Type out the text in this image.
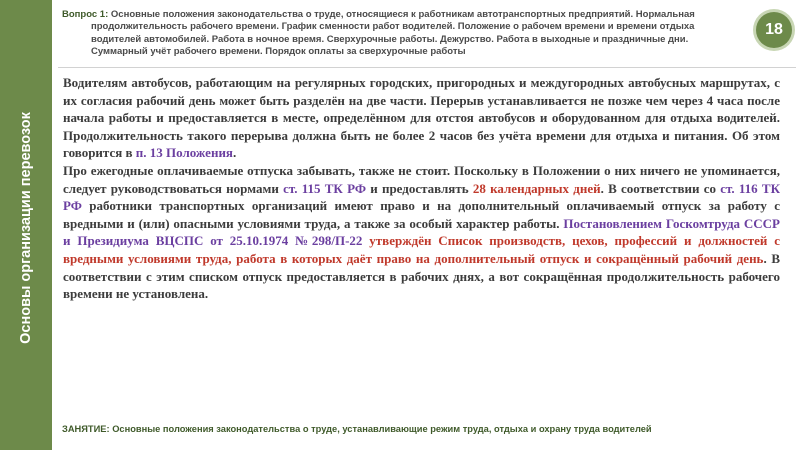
Основы организации перевозок
Вопрос 1: Основные положения законодательства о труде, относящиеся к работникам автотранспортных предприятий. Нормальная
продолжительность рабочего времени. График сменности работ водителей. Положение о рабочем времени и времени отдыха
водителей автомобилей. Работа в ночное время. Сверхурочные работы. Дежурство. Работа в выходные и праздничные дни.
Суммарный учёт рабочего времени. Порядок оплаты за сверхурочные работы
18

Водителям автобусов, работающим на регулярных городских, пригородных и междугородных автобусных маршрутах, с их согласия рабочий день может быть разделён на две части. Перерыв устанавливается не позже чем через 4 часа после начала работы и предоставляется в месте, определённом для отстоя автобусов и оборудованном для отдыха водителей. Продолжительность такого перерыва должна быть не более 2 часов без учёта времени для отдыха и питания. Об этом говорится в п. 13 Положения.

Про ежегодные оплачиваемые отпуска забывать, также не стоит. Поскольку в Положении о них ничего не упоминается, следует руководствоваться нормами ст. 115 ТК РФ и предоставлять 28 календарных дней. В соответствии со ст. 116 ТК РФ работники транспортных организаций имеют право и на дополнительный оплачиваемый отпуск за работу с вредными и (или) опасными условиями труда, а также за особый характер работы. Постановлением Госкомтруда СССР и Президиума ВЦСПС от 25.10.1974 №298/П-22 утверждён Список производств, цехов, профессий и должностей с вредными условиями труда, работа в которых даёт право на дополнительный отпуск и сокращённый рабочий день. В соответствии с этим списком отпуск предоставляется в рабочих днях, а вот сокращённая продолжительность рабочего времени не установлена.

ЗАНЯТИЕ: Основные положения законодательства о труде, устанавливающие режим труда, отдыха и охрану труда водителей
